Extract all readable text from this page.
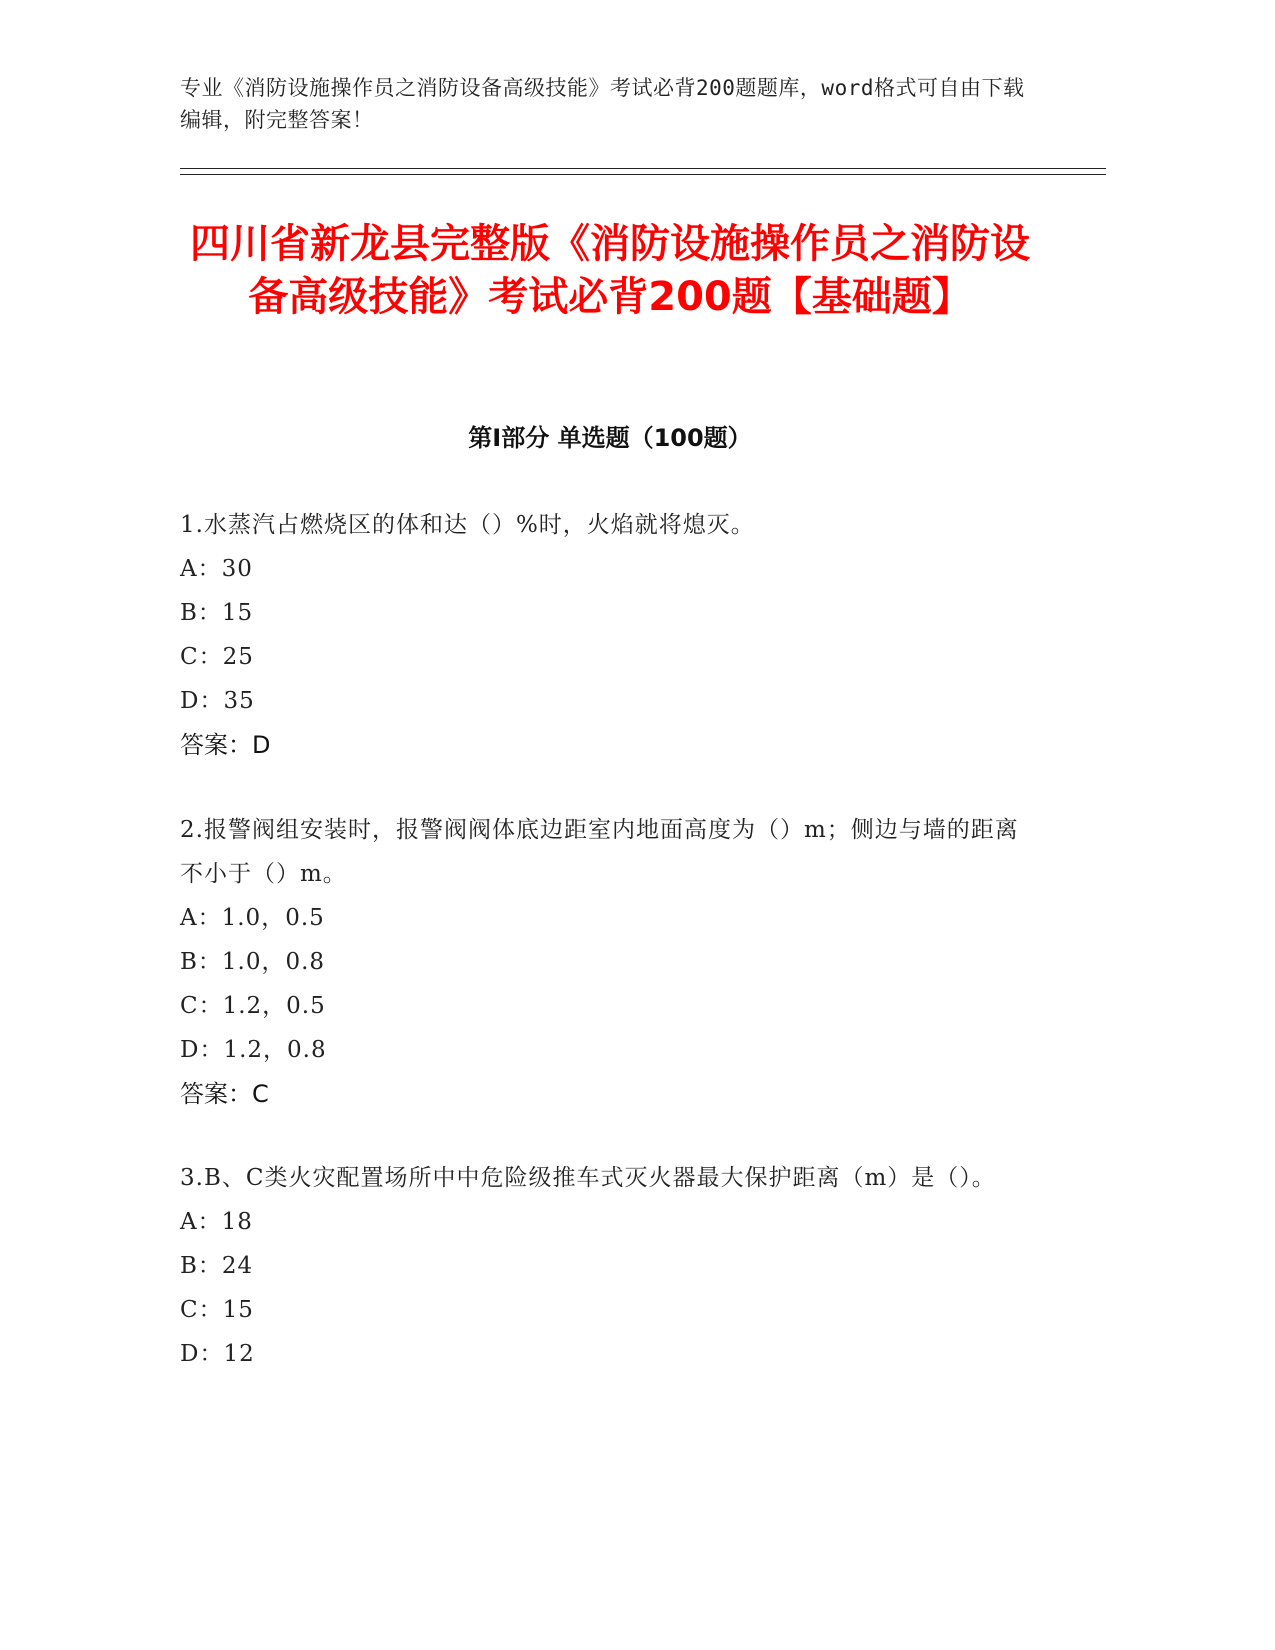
专业《消防设施操作员之消防设备高级技能》考试必背200题题库，word格式可自由下载编辑，附完整答案！
四川省新龙县完整版《消防设施操作员之消防设备高级技能》考试必背200题【基础题】
第I部分 单选题（100题）
1.水蒸汽占燃烧区的体和达（）%时，火焰就将熄灭。
A：30
B：15
C：25
D：35
答案：D
2.报警阀组安装时，报警阀阀体底边距室内地面高度为（）m；侧边与墙的距离不小于（）m。
A：1.0，0.5
B：1.0，0.8
C：1.2，0.5
D：1.2，0.8
答案：C
3.B、C类火灾配置场所中中危险级推车式灭火器最大保护距离（m）是（）。
A：18
B：24
C：15
D：12
